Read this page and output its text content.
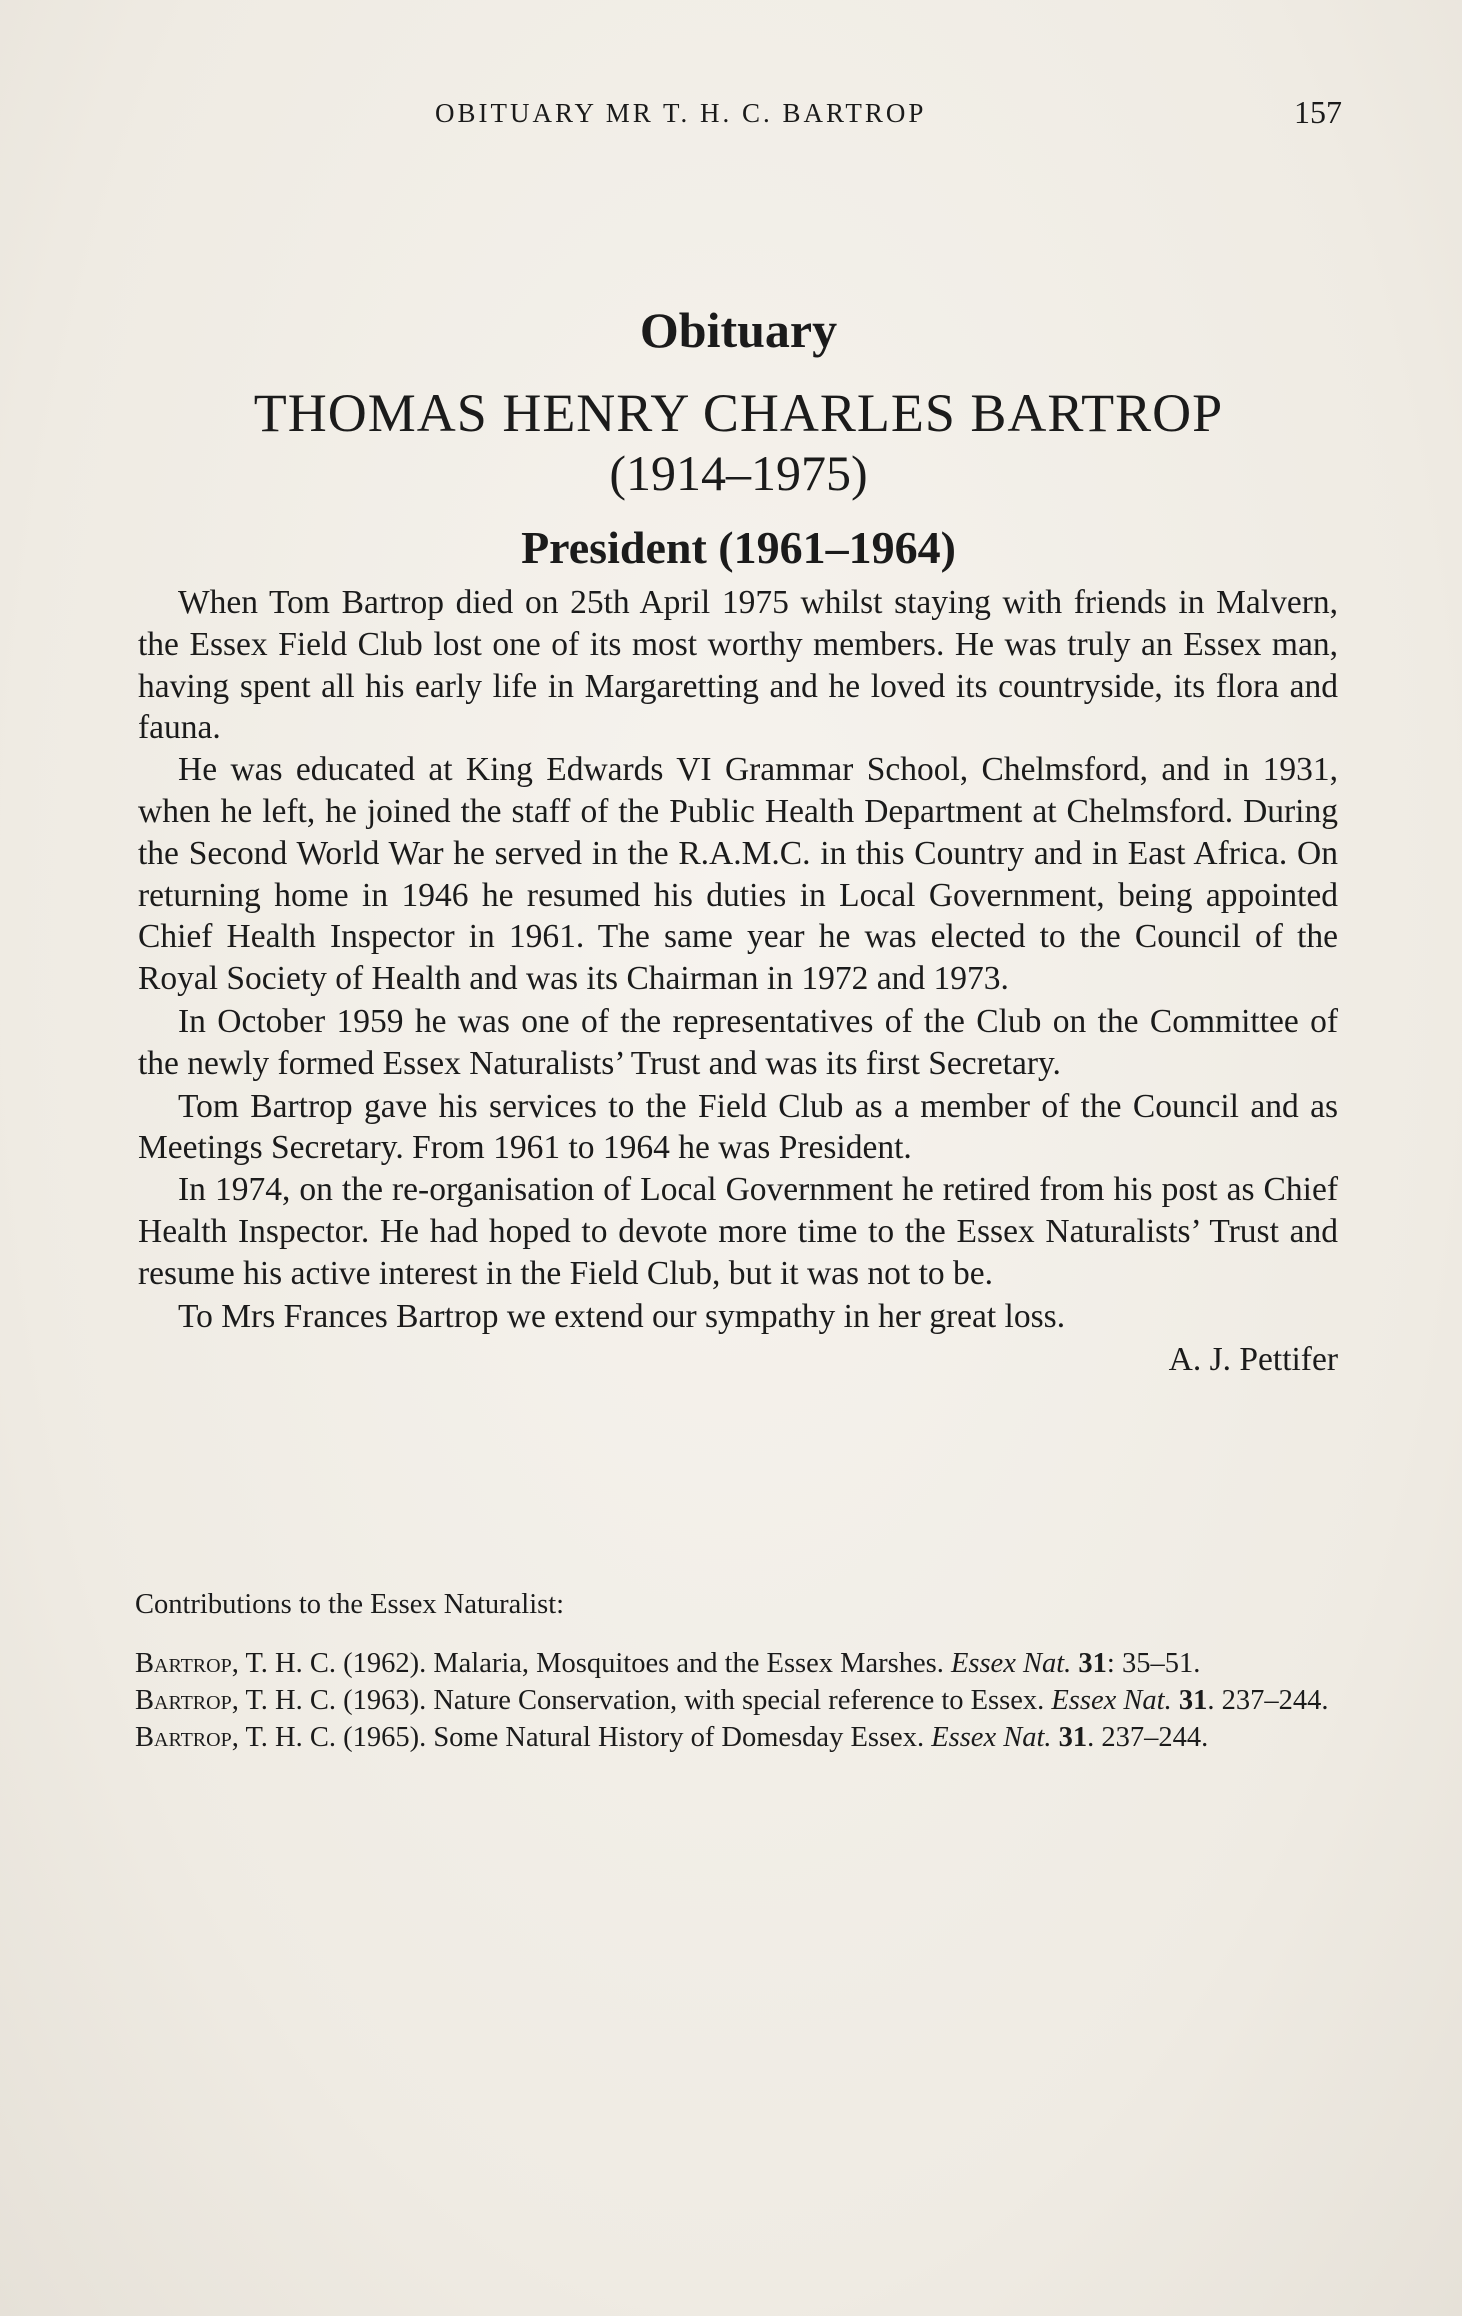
OBITUARY MR T. H. C. BARTROP	157
Obituary
THOMAS HENRY CHARLES BARTROP
(1914–1975)
President (1961–1964)

When Tom Bartrop died on 25th April 1975 whilst staying with friends in Malvern, the Essex Field Club lost one of its most worthy members. He was truly an Essex man, having spent all his early life in Margaretting and he loved its countryside, its flora and fauna.

He was educated at King Edwards VI Grammar School, Chelmsford, and in 1931, when he left, he joined the staff of the Public Health Department at Chelmsford. During the Second World War he served in the R.A.M.C. in this Country and in East Africa. On returning home in 1946 he resumed his duties in Local Government, being appointed Chief Health Inspector in 1961. The same year he was elected to the Council of the Royal Society of Health and was its Chairman in 1972 and 1973.

In October 1959 he was one of the representatives of the Club on the Committee of the newly formed Essex Naturalists’ Trust and was its first Secretary.

Tom Bartrop gave his services to the Field Club as a member of the Council and as Meetings Secretary. From 1961 to 1964 he was President.

In 1974, on the re-organisation of Local Government he retired from his post as Chief Health Inspector. He had hoped to devote more time to the Essex Naturalists’ Trust and resume his active interest in the Field Club, but it was not to be.

To Mrs Frances Bartrop we extend our sympathy in her great loss.

A. J. Pettifer
Contributions to the Essex Naturalist:
Bartrop, T. H. C. (1962). Malaria, Mosquitoes and the Essex Marshes. Essex Nat. 31: 35–51.
Bartrop, T. H. C. (1963). Nature Conservation, with special reference to Essex. Essex Nat. 31. 237–244.
Bartrop, T. H. C. (1965). Some Natural History of Domesday Essex. Essex Nat. 31. 237–244.
